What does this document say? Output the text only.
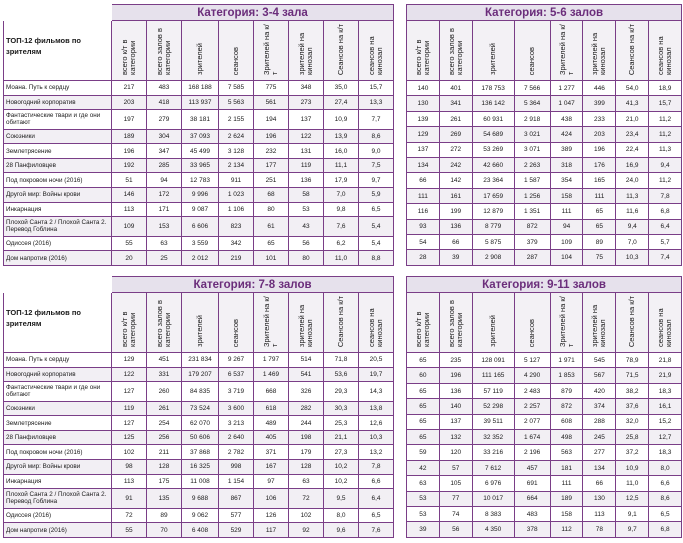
	Категория: 3-4 зала							
ТОП-12 фильмов по зрителям	всего к/т в категории	всего залов в категории	зрителей	сеансов	Зрителей на к/т	зрителей на кинозал	Сеансов на к/т	сеансов на кинозал
Моана. Путь к сердцу	217	483	168 188	7 585	775	348	35,0	15,7
Новогодний корпоратив	203	418	113 937	5 563	561	273	27,4	13,3
Фантастические твари и где они обитают	197	279	38 181	2 155	194	137	10,9	7,7
Союзники	189	304	37 093	2 624	196	122	13,9	8,6
Землетрясение	196	347	45 499	3 128	232	131	16,0	9,0
28 Панфиловцев	192	285	33 965	2 134	177	119	11,1	7,5
Под покровом ночи (2016)	51	94	12 783	911	251	136	17,9	9,7
Другой мир: Войны крови	146	172	9 996	1 023	68	58	7,0	5,9
Инкарнация	113	171	9 087	1 106	80	53	9,8	6,5
Плохой Санта 2 / Плохой Санта 2. Перевод Гоблина	109	153	6 606	823	61	43	7,6	5,4
Одиссея (2016)	55	63	3 559	342	65	56	6,2	5,4
Дом напротив (2016)	20	25	2 012	219	101	80	11,0	8,8
Категория: 5-6 залов							
всего к/т в категории	всего залов в категории	зрителей	сеансов	Зрителей на к/т	зрителей на кинозал	Сеансов на к/т	сеансов на кинозал
140	401	178 753	7 566	1 277	446	54,0	18,9
130	341	136 142	5 364	1 047	399	41,3	15,7
139	261	60 931	2 918	438	233	21,0	11,2
129	269	54 689	3 021	424	203	23,4	11,2
137	272	53 269	3 071	389	196	22,4	11,3
134	242	42 660	2 263	318	176	16,9	9,4
66	142	23 364	1 587	354	165	24,0	11,2
111	161	17 659	1 256	158	111	11,3	7,8
116	199	12 879	1 351	111	65	11,6	6,8
93	136	8 779	872	94	65	9,4	6,4
54	66	5 875	379	109	89	7,0	5,7
28	39	2 908	287	104	75	10,3	7,4
	Категория: 7-8 залов							
ТОП-12 фильмов по зрителям	всего к/т в категории	всего залов в категории	зрителей	сеансов	Зрителей на к/т	зрителей на кинозал	Сеансов на к/т	сеансов на кинозал
Моана. Путь к сердцу	129	451	231 834	9 267	1 797	514	71,8	20,5
Новогодний корпоратив	122	331	179 207	6 537	1 469	541	53,6	19,7
Фантастические твари и где они обитают	127	260	84 835	3 719	668	326	29,3	14,3
Союзники	119	261	73 524	3 600	618	282	30,3	13,8
Землетрясение	127	254	62 070	3 213	489	244	25,3	12,6
28 Панфиловцев	125	256	50 606	2 640	405	198	21,1	10,3
Под покровом ночи (2016)	102	211	37 868	2 782	371	179	27,3	13,2
Другой мир: Войны крови	98	128	16 325	998	167	128	10,2	7,8
Инкарнация	113	175	11 008	1 154	97	63	10,2	6,6
Плохой Санта 2 / Плохой Санта 2. Перевод Гоблина	91	135	9 688	867	106	72	9,5	6,4
Одиссея (2016)	72	89	9 062	577	126	102	8,0	6,5
Дом напротив (2016)	55	70	6 408	529	117	92	9,6	7,6
Категория: 9-11 залов							
всего к/т в категории	всего залов в категории	зрителей	сеансов	Зрителей на к/т	зрителей на кинозал	Сеансов на к/т	сеансов на кинозал
65	235	128 091	5 127	1 971	545	78,9	21,8
60	196	111 165	4 290	1 853	567	71,5	21,9
65	136	57 119	2 483	879	420	38,2	18,3
65	140	52 298	2 257	872	374	37,6	16,1
65	137	39 511	2 077	608	288	32,0	15,2
65	132	32 352	1 674	498	245	25,8	12,7
59	120	33 216	2 196	563	277	37,2	18,3
42	57	7 612	457	181	134	10,9	8,0
63	105	6 976	691	111	66	11,0	6,6
53	77	10 017	664	189	130	12,5	8,6
53	74	8 383	483	158	113	9,1	6,5
39	56	4 350	378	112	78	9,7	6,8
